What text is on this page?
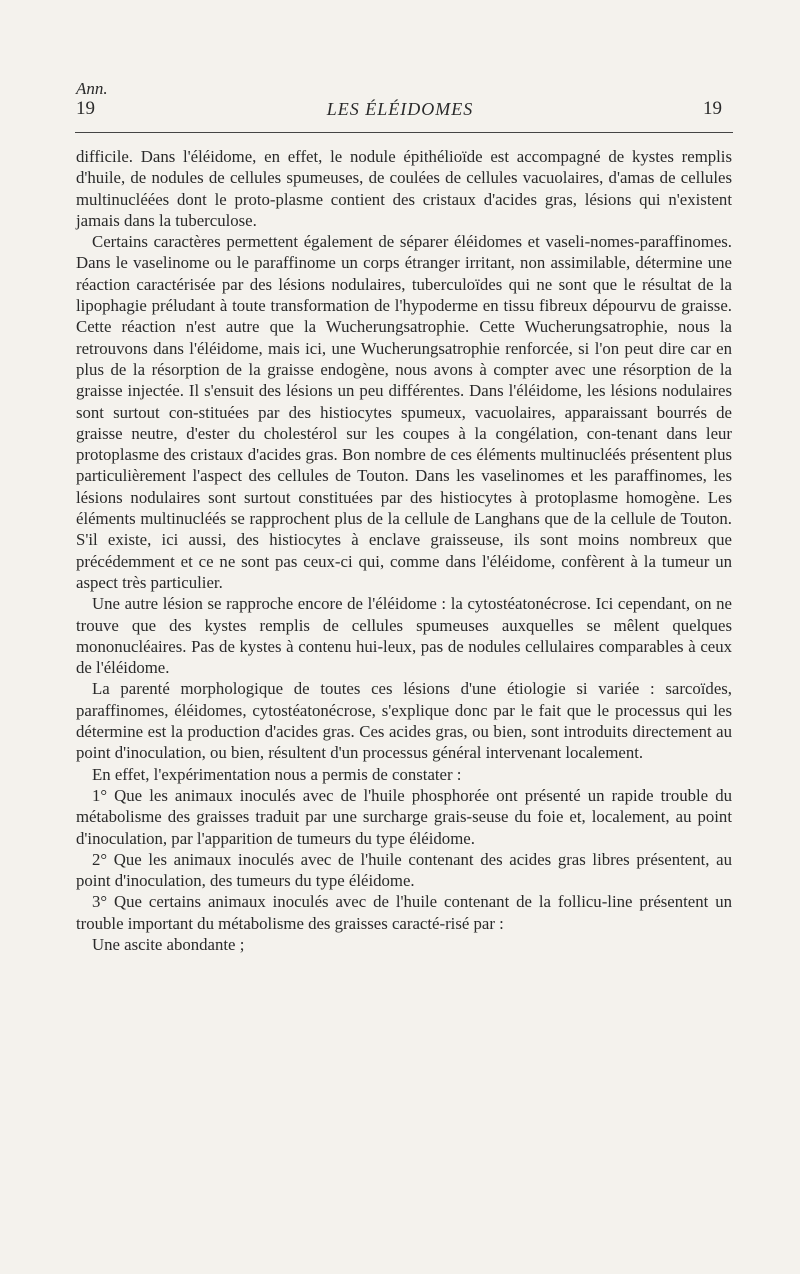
Ann.
19	LES ÉLÉIDOMES	19

difficile. Dans l'éléidome, en effet, le nodule épithélioïde est accompagné de kystes remplis d'huile, de nodules de cellules spumeuses, de coulées de cellules vacuolaires, d'amas de cellules multinucléées dont le proto-plasme contient des cristaux d'acides gras, lésions qui n'existent jamais dans la tuberculose.

Certains caractères permettent également de séparer éléidomes et vaseli-nomes-paraffinomes. Dans le vaselinome ou le paraffinome un corps étranger irritant, non assimilable, détermine une réaction caractérisée par des lésions nodulaires, tuberculoïdes qui ne sont que le résultat de la lipophagie préludant à toute transformation de l'hypoderme en tissu fibreux dépourvu de graisse. Cette réaction n'est autre que la Wucherungsatrophie. Cette Wucherungsatrophie, nous la retrouvons dans l'éléidome, mais ici, une Wucherungsatrophie renforcée, si l'on peut dire car en plus de la résorption de la graisse endogène, nous avons à compter avec une résorption de la graisse injectée. Il s'ensuit des lésions un peu différentes. Dans l'éléidome, les lésions nodulaires sont surtout con-stituées par des histiocytes spumeux, vacuolaires, apparaissant bourrés de graisse neutre, d'ester du cholestérol sur les coupes à la congélation, con-tenant dans leur protoplasme des cristaux d'acides gras. Bon nombre de ces éléments multinucléés présentent plus particulièrement l'aspect des cellules de Touton. Dans les vaselinomes et les paraffinomes, les lésions nodulaires sont surtout constituées par des histiocytes à protoplasme homogène. Les éléments multinucléés se rapprochent plus de la cellule de Langhans que de la cellule de Touton. S'il existe, ici aussi, des histiocytes à enclave graisseuse, ils sont moins nombreux que précédemment et ce ne sont pas ceux-ci qui, comme dans l'éléidome, confèrent à la tumeur un aspect très particulier.

Une autre lésion se rapproche encore de l'éléidome : la cytostéatonécrose. Ici cependant, on ne trouve que des kystes remplis de cellules spumeuses auxquelles se mêlent quelques mononucléaires. Pas de kystes à contenu hui-leux, pas de nodules cellulaires comparables à ceux de l'éléidome.

La parenté morphologique de toutes ces lésions d'une étiologie si variée : sarcoïdes, paraffinomes, éléidomes, cytostéatonécrose, s'explique donc par le fait que le processus qui les détermine est la production d'acides gras. Ces acides gras, ou bien, sont introduits directement au point d'inoculation, ou bien, résultent d'un processus général intervenant localement.

En effet, l'expérimentation nous a permis de constater :

1° Que les animaux inoculés avec de l'huile phosphorée ont présenté un rapide trouble du métabolisme des graisses traduit par une surcharge grais-seuse du foie et, localement, au point d'inoculation, par l'apparition de tumeurs du type éléidome.

2° Que les animaux inoculés avec de l'huile contenant des acides gras libres présentent, au point d'inoculation, des tumeurs du type éléidome.

3° Que certains animaux inoculés avec de l'huile contenant de la follicu-line présentent un trouble important du métabolisme des graisses caracté-risé par :

Une ascite abondante ;
